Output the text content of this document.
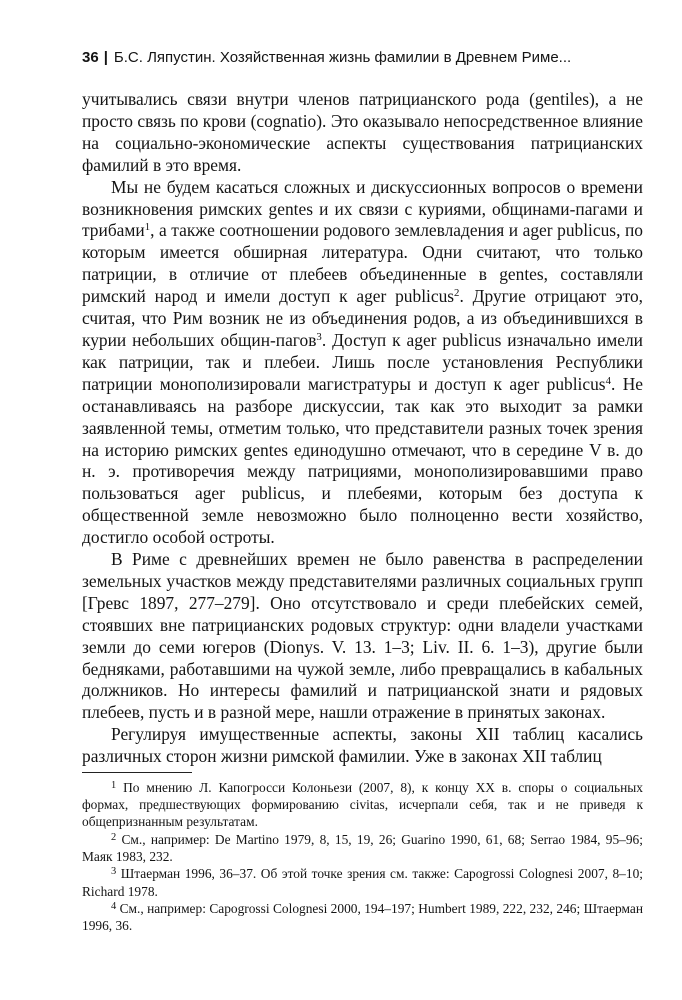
36 | Б.С. Ляпустин. Хозяйственная жизнь фамилии в Древнем Риме...

учитывались связи внутри членов патрицианского рода (gentiles), а не просто связь по крови (cognatio). Это оказывало непосредственное влияние на социально-экономические аспекты существования патрицианских фамилий в это время.

Мы не будем касаться сложных и дискуссионных вопросов о времени возникновения римских gentes и их связи с куриями, общинами-пагами и трибами$^1$, а также соотношении родового землевладения и ager publicus, по которым имеется обширная литература. Одни считают, что только патриции, в отличие от плебеев объединенные в gentes, составляли римский народ и имели доступ к ager publicus$^2$. Другие отрицают это, считая, что Рим возник не из объединения родов, а из объединившихся в курии небольших общин-пагов$^3$. Доступ к ager publicus изначально имели как патриции, так и плебеи. Лишь после установления Республики патриции монополизировали магистратуры и доступ к ager publicus$^4$. Не останавливаясь на разборе дискуссии, так как это выходит за рамки заявленной темы, отметим только, что представители разных точек зрения на историю римских gentes единодушно отмечают, что в середине V в. до н. э. противоречия между патрициями, монополизировавшими право пользоваться ager publicus, и плебеями, которым без доступа к общественной земле невозможно было полноценно вести хозяйство, достигло особой остроты.

В Риме с древнейших времен не было равенства в распределении земельных участков между представителями различных социальных групп [Гревс 1897, 277–279]. Оно отсутствовало и среди плебейских семей, стоявших вне патрицианских родовых структур: одни владели участками земли до семи югеров (Dionys. V. 13. 1–3; Liv. II. 6. 1–3), другие были бедняками, работавшими на чужой земле, либо превращались в кабальных должников. Но интересы фамилий и патрицианской знати и рядовых плебеев, пусть и в разной мере, нашли отражение в принятых законах.

Регулируя имущественные аспекты, законы XII таблиц касались различных сторон жизни римской фамилии. Уже в законах XII таблиц

$^1$ По мнению Л. Капогросси Колоньези (2007, 8), к концу XX в. споры о социальных формах, предшествующих формированию civitas, исчерпали себя, так и не приведя к общепризнанным результатам.

$^2$ См., например: De Martino 1979, 8, 15, 19, 26; Guarino 1990, 61, 68; Serrao 1984, 95–96; Маяк 1983, 232.

$^3$ Штаерман 1996, 36–37. Об этой точке зрения см. также: Capogrossi Colognesi 2007, 8–10; Richard 1978.

$^4$ См., например: Capogrossi Colognesi 2000, 194–197; Humbert 1989, 222, 232, 246; Штаерман 1996, 36.
